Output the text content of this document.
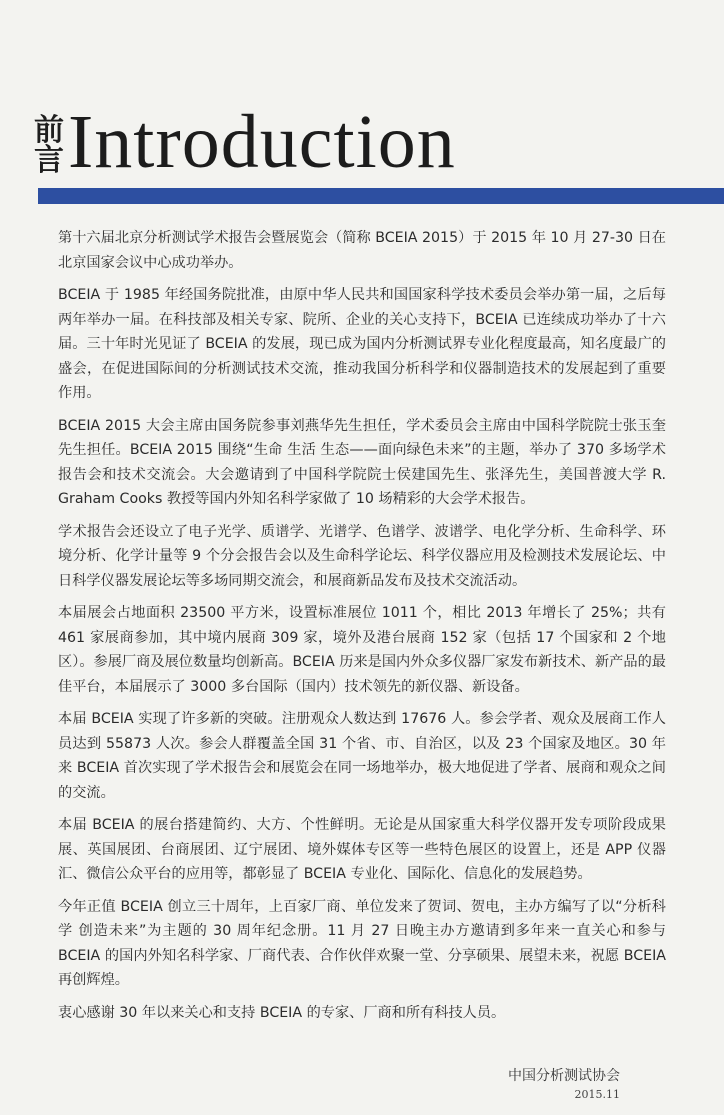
前
言 Introduction

第十六届北京分析测试学术报告会暨展览会（简称 BCEIA 2015）于 2015 年 10 月 27-30 日在北京国家会议中心成功举办。

BCEIA 于 1985 年经国务院批准，由原中华人民共和国国家科学技术委员会举办第一届，之后每两年举办一届。在科技部及相关专家、院所、企业的关心支持下，BCEIA 已连续成功举办了十六届。三十年时光见证了 BCEIA 的发展，现已成为国内分析测试界专业化程度最高，知名度最广的盛会，在促进国际间的分析测试技术交流，推动我国分析科学和仪器制造技术的发展起到了重要作用。

BCEIA 2015 大会主席由国务院参事刘燕华先生担任，学术委员会主席由中国科学院院士张玉奎先生担任。BCEIA 2015 围绕“生命 生活 生态——面向绿色未来”的主题，举办了 370 多场学术报告会和技术交流会。大会邀请到了中国科学院院士侯建国先生、张泽先生，美国普渡大学 R. Graham Cooks 教授等国内外知名科学家做了 10 场精彩的大会学术报告。

学术报告会还设立了电子光学、质谱学、光谱学、色谱学、波谱学、电化学分析、生命科学、环境分析、化学计量等 9 个分会报告会以及生命科学论坛、科学仪器应用及检测技术发展论坛、中日科学仪器发展论坛等多场同期交流会，和展商新品发布及技术交流活动。

本届展会占地面积 23500 平方米，设置标准展位 1011 个，相比 2013 年增长了 25%；共有 461 家展商参加，其中境内展商 309 家，境外及港台展商 152 家（包括 17 个国家和 2 个地区）。参展厂商及展位数量均创新高。BCEIA 历来是国内外众多仪器厂家发布新技术、新产品的最佳平台，本届展示了 3000 多台国际（国内）技术领先的新仪器、新设备。

本届 BCEIA 实现了许多新的突破。注册观众人数达到 17676 人。参会学者、观众及展商工作人员达到 55873 人次。参会人群覆盖全国 31 个省、市、自治区，以及 23 个国家及地区。30 年来 BCEIA 首次实现了学术报告会和展览会在同一场地举办，极大地促进了学者、展商和观众之间的交流。

本届 BCEIA 的展台搭建简约、大方、个性鲜明。无论是从国家重大科学仪器开发专项阶段成果展、英国展团、台商展团、辽宁展团、境外媒体专区等一些特色展区的设置上，还是 APP 仪器汇、微信公众平台的应用等，都彰显了 BCEIA 专业化、国际化、信息化的发展趋势。

今年正值 BCEIA 创立三十周年，上百家厂商、单位发来了贺词、贺电，主办方编写了以“分析科学 创造未来”为主题的 30 周年纪念册。11 月 27 日晚主办方邀请到多年来一直关心和参与 BCEIA 的国内外知名科学家、厂商代表、合作伙伴欢聚一堂、分享硕果、展望未来，祝愿 BCEIA 再创辉煌。

衷心感谢 30 年以来关心和支持 BCEIA 的专家、厂商和所有科技人员。

中国分析测试协会
2015.11
